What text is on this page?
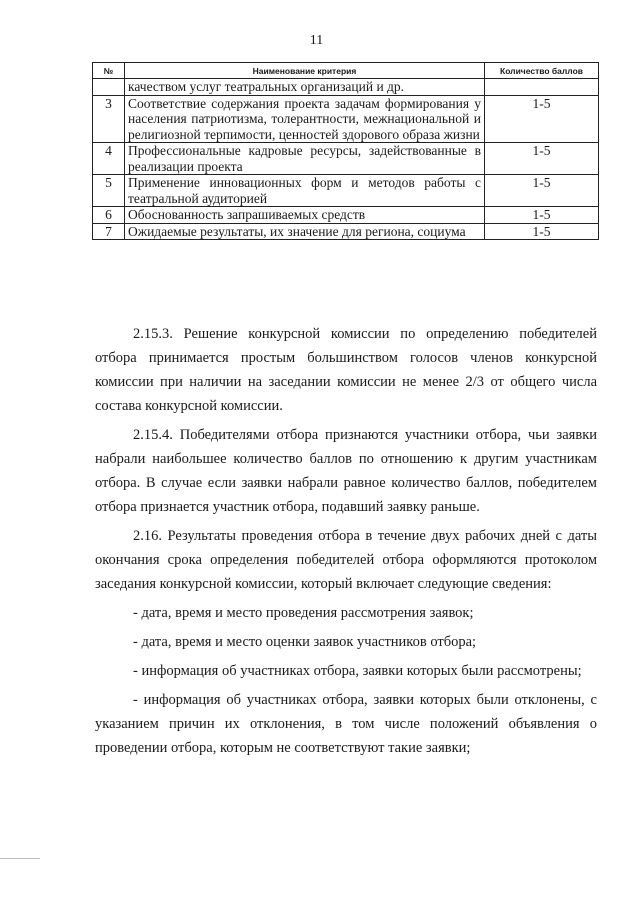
11
№	Наименование критерия	Количество баллов
	качеством услуг театральных организаций и др.	
3	Соответствие содержания проекта задачам формирования у населения патриотизма, толерантности, межнациональной и религиозной терпимости, ценностей здорового образа жизни	1-5
4	Профессиональные кадровые ресурсы, задействованные в реализации проекта	1-5
5	Применение инновационных форм и методов работы с театральной аудиторией	1-5
6	Обоснованность запрашиваемых средств	1-5
7	Ожидаемые результаты, их значение для региона, социума	1-5

2.15.3. Решение конкурсной комиссии по определению победителей отбора принимается простым большинством голосов членов конкурсной комиссии при наличии на заседании комиссии не менее 2/3 от общего числа состава конкурсной комиссии.

2.15.4. Победителями отбора признаются участники отбора, чьи заявки набрали наибольшее количество баллов по отношению к другим участникам отбора. В случае если заявки набрали равное количество баллов, победителем отбора признается участник отбора, подавший заявку раньше.

2.16. Результаты проведения отбора в течение двух рабочих дней с даты окончания срока определения победителей отбора оформляются протоколом заседания конкурсной комиссии, который включает следующие сведения:

- дата, время и место проведения рассмотрения заявок;

- дата, время и место оценки заявок участников отбора;

- информация об участниках отбора, заявки которых были рассмотрены;

- информация об участниках отбора, заявки которых были отклонены, с указанием причин их отклонения, в том числе положений объявления о проведении отбора, которым не соответствуют такие заявки;
